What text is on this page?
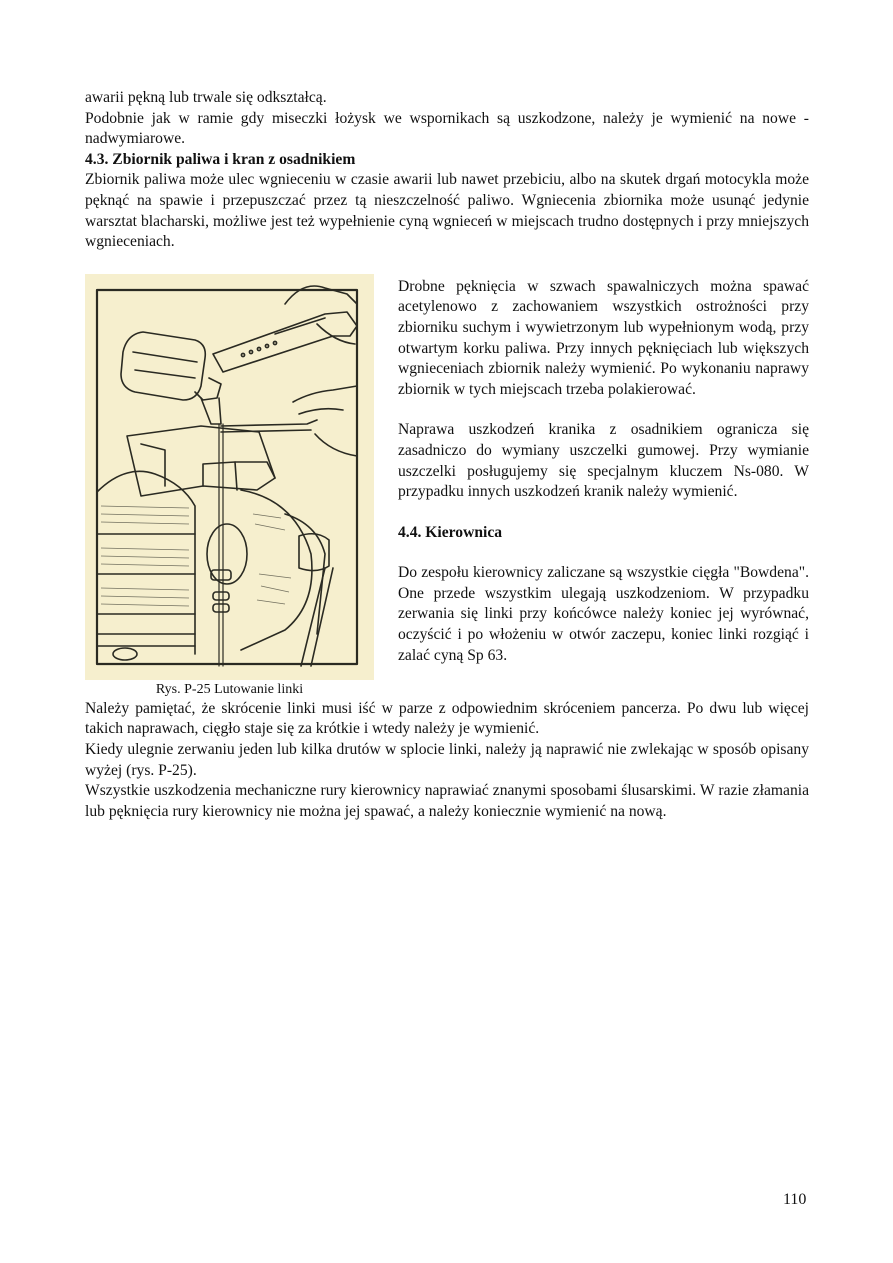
awarii pękną lub trwale się odkształcą.

Podobnie jak w ramie gdy miseczki łożysk we wspornikach są uszkodzone, należy je wymienić na nowe - nadwymiarowe.

4.3. Zbiornik paliwa i kran z osadnikiem

Zbiornik paliwa może ulec wgnieceniu w czasie awarii lub nawet przebiciu, albo na skutek drgań motocykla może pęknąć na spawie i przepuszczać przez tą nieszczelność paliwo. Wgniecenia zbiornika może usunąć jedynie warsztat blacharski, możliwe jest też wypełnienie cyną wgnieceń w miejscach trudno dostępnych i przy mniejszych wgnieceniach.

Rys. P-25 Lutowanie linki

Drobne pęknięcia w szwach spawalniczych można spawać acetylenowo z zachowaniem wszystkich ostrożności przy zbiorniku suchym i wywietrzonym lub wypełnionym wodą, przy otwartym korku paliwa. Przy innych pęknięciach lub większych wgnieceniach zbiornik należy wymienić. Po wykonaniu naprawy zbiornik w tych miejscach trzeba polakierować.

Naprawa uszkodzeń kranika z osadnikiem ogranicza się zasadniczo do wymiany uszczelki gumowej. Przy wymianie uszczelki posługujemy się specjalnym kluczem Ns-080. W przypadku innych uszkodzeń kranik należy wymienić.

4.4. Kierownica

Do zespołu kierownicy zaliczane są wszystkie cięgła "Bowdena". One przede wszystkim ulegają uszkodzeniom. W przypadku zerwania się linki przy końcówce należy koniec jej wyrównać, oczyścić i po włożeniu w otwór zaczepu, koniec linki rozgiąć i zalać cyną Sp 63.

Należy pamiętać, że skrócenie linki musi iść w parze z odpowiednim skróceniem pancerza. Po dwu lub więcej takich naprawach, cięgło staje się za krótkie i wtedy należy je wymienić.

Kiedy ulegnie zerwaniu jeden lub kilka drutów w splocie linki, należy ją naprawić nie zwlekając w sposób opisany wyżej (rys. P-25).

Wszystkie uszkodzenia mechaniczne rury kierownicy naprawiać znanymi sposobami ślusarskimi. W razie złamania lub pęknięcia rury kierownicy nie można jej spawać, a należy koniecznie wymienić na nową.

110
